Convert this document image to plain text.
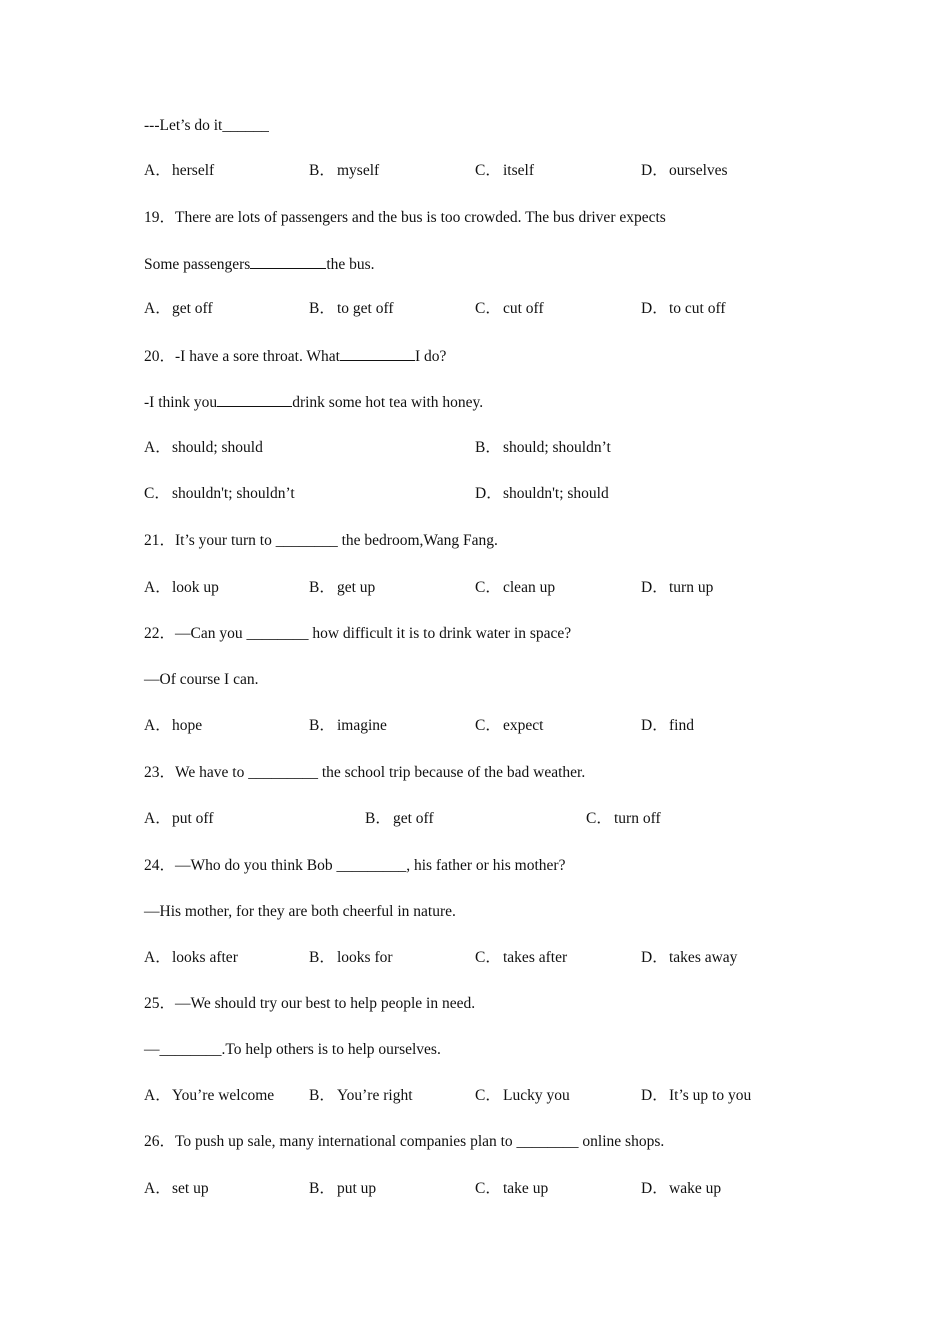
---Let’s do it______
A．herself	B． myself	C． itself	D．ourselves
19．There are lots of passengers and the bus is too crowded. The bus driver expects
Some passengers	the bus.
A．get off	B． to get off	C． cut off	D．to cut off
20．-I have a sore throat. What	I do?
-I think you	drink some hot tea with honey.
A．should; should	B． should; shouldn’t
C． shouldn't; shouldn’t	D．shouldn't; should
21．It’s your turn to ________ the bedroom,Wang Fang.
A．look up	B． get up	C． clean up	D．turn up
22．—Can you ________ how difficult it is to drink water in space?
—Of course I can.
A．hope	B． imagine	C． expect	D．find
23．We have to _________ the school trip because of the bad weather.
A．put off	B． get off	C． turn off
24．—Who do you think Bob _________, his father or his mother?
—His mother, for they are both cheerful in nature.
A．looks after	B． looks for	C． takes after	D．takes away
25．—We should try our best to help people in need.
—________.To help others is to help ourselves.
A．You’re welcome B． You’re right	C． Lucky you	D．It’s up to you
26．To push up sale, many international companies plan to ________ online shops.
A．set up	B． put up	C． take up	D．wake up
